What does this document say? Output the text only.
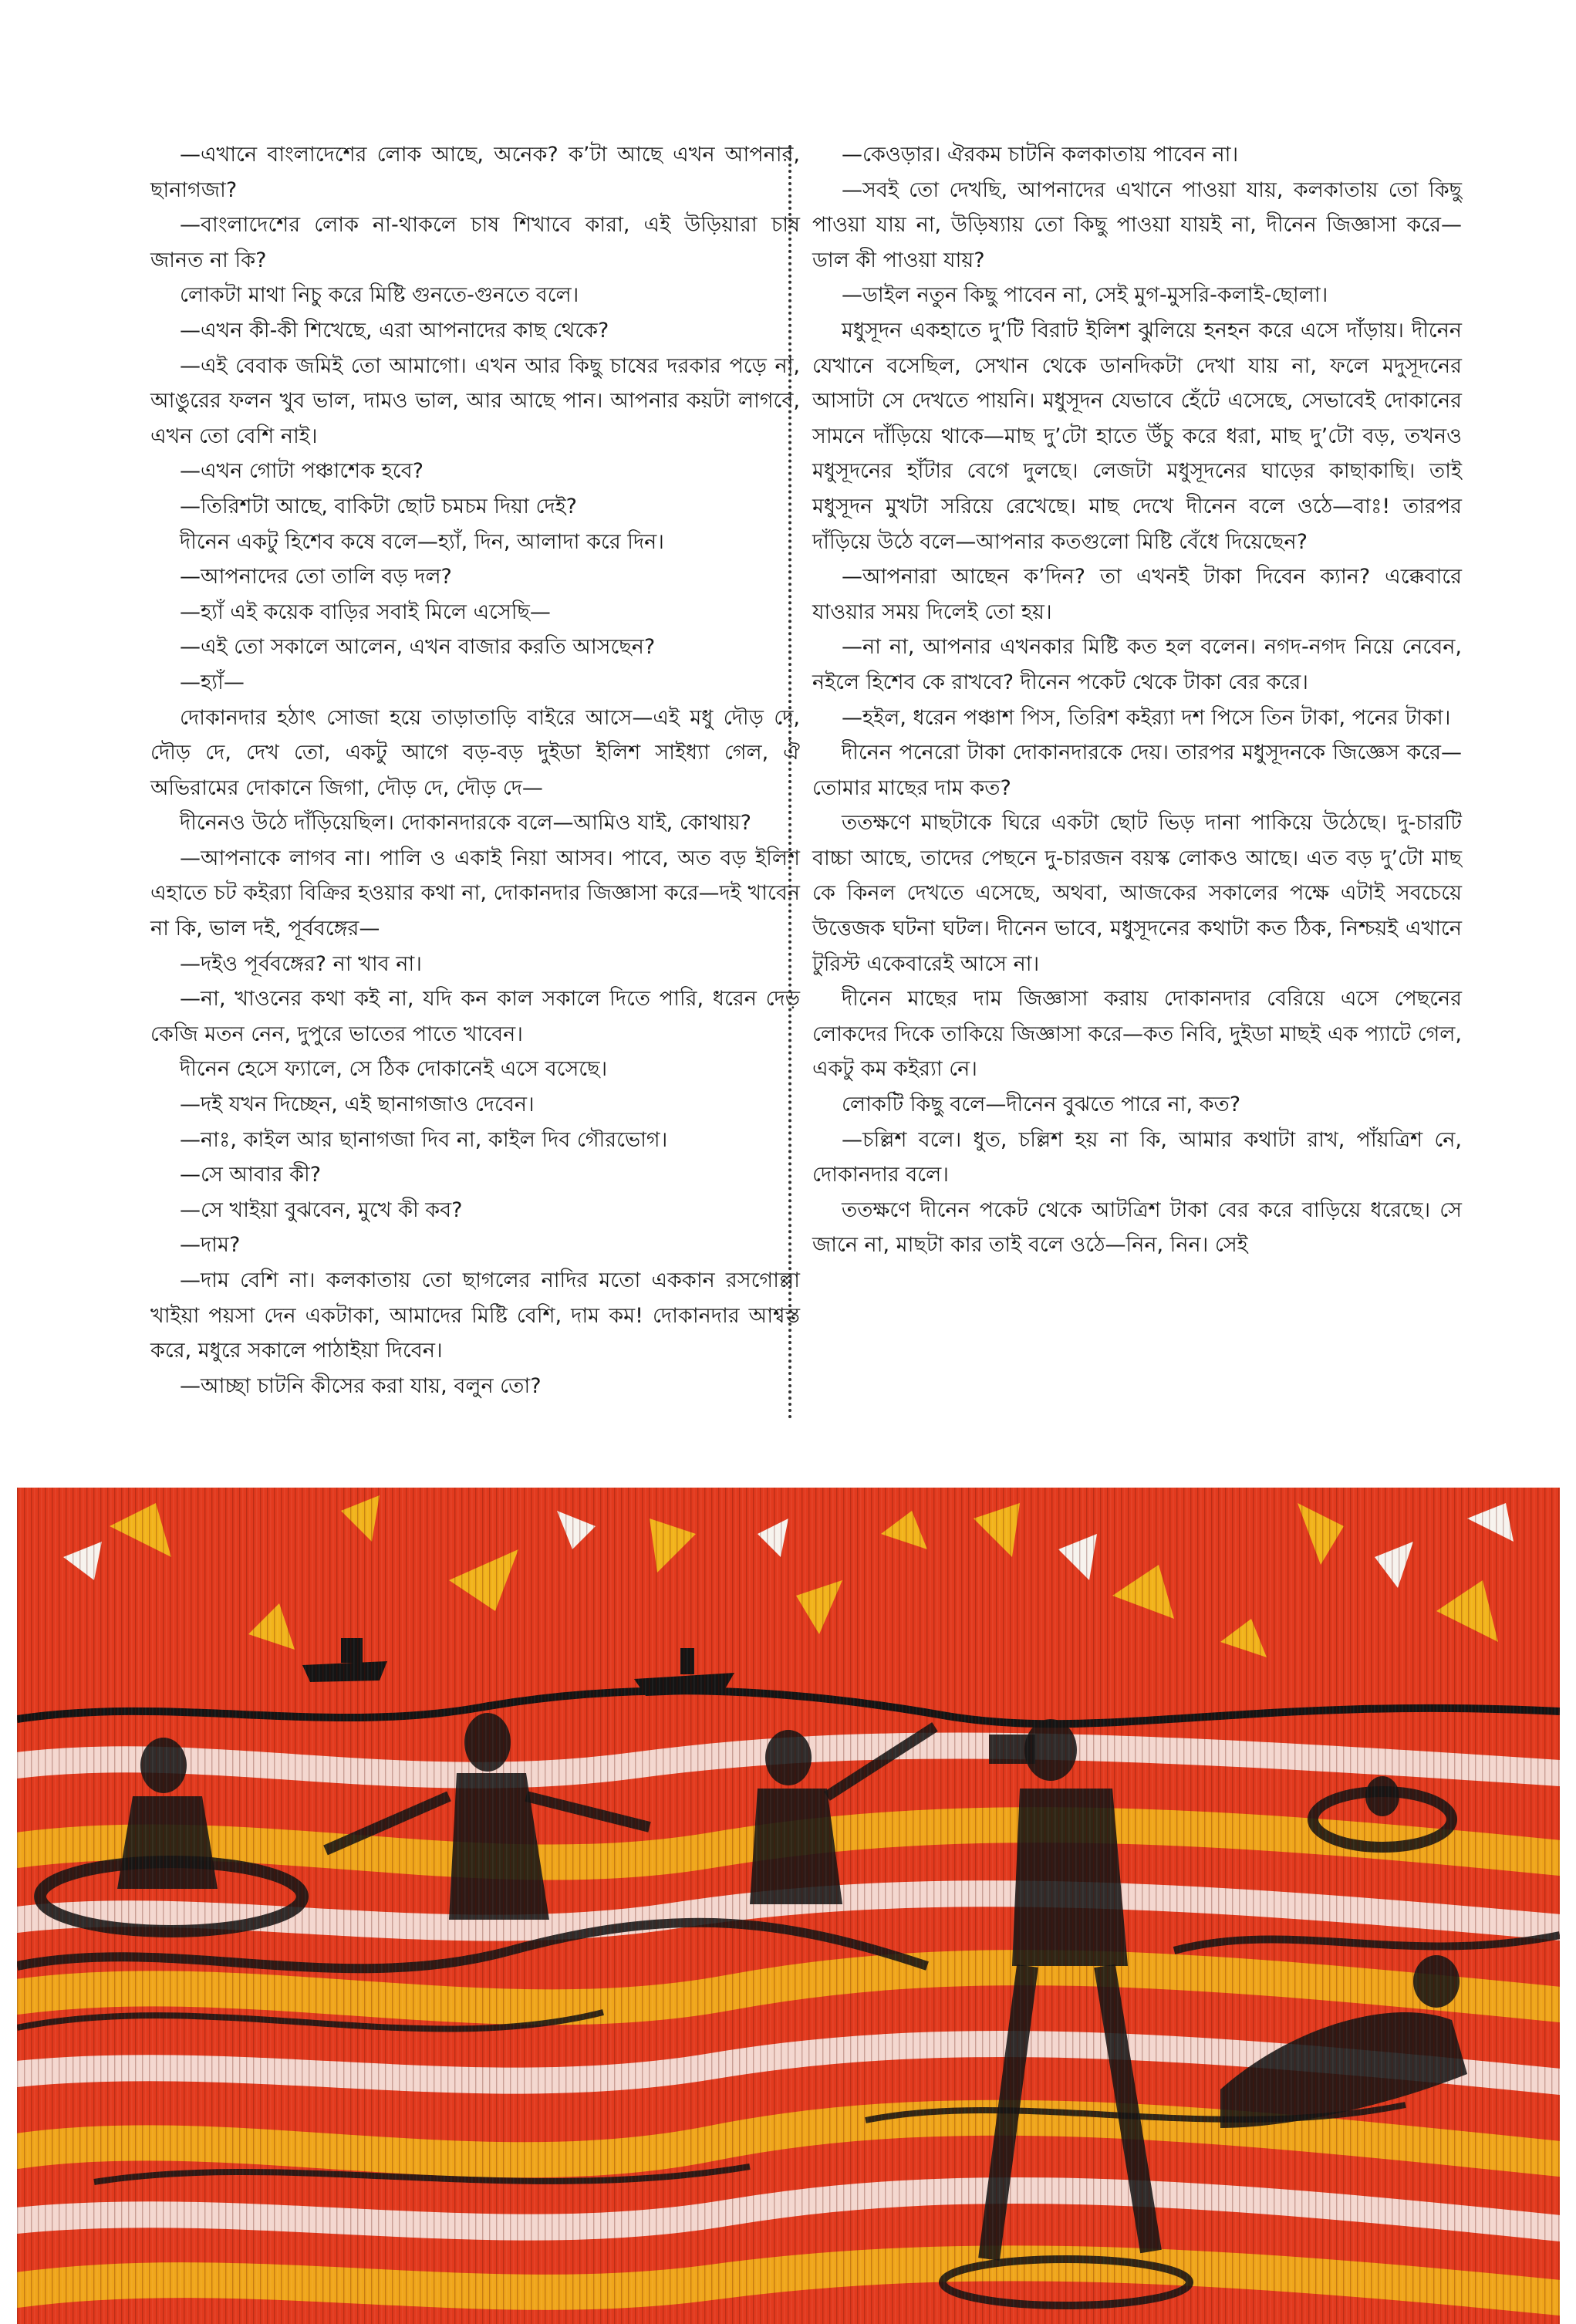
—এখানে বাংলাদেশের লোক আছে, অনেক? ক’টা আছে এখন আপনার, ছানাগজা?

—বাংলাদেশের লোক না-থাকলে চাষ শিখাবে কারা, এই উড়িয়ারা চাষ জানত না কি?

লোকটা মাথা নিচু করে মিষ্টি গুনতে-গুনতে বলে।

—এখন কী-কী শিখেছে, এরা আপনাদের কাছ থেকে?

—এই বেবাক জমিই তো আমাগো। এখন আর কিছু চাষের দরকার পড়ে না, আঙুরের ফলন খুব ভাল, দামও ভাল, আর আছে পান। আপনার কয়টা লাগবে, এখন তো বেশি নাই।

—এখন গোটা পঞ্চাশেক হবে?

—তিরিশটা আছে, বাকিটা ছোট চমচম দিয়া দেই?

দীনেন একটু হিশেব কষে বলে—হ্যাঁ, দিন, আলাদা করে দিন।

—আপনাদের তো তালি বড় দল?

—হ্যাঁ এই কয়েক বাড়ির সবাই মিলে এসেছি—

—এই তো সকালে আলেন, এখন বাজার করতি আসছেন?

—হ্যাঁ—

দোকানদার হঠাৎ সোজা হয়ে তাড়াতাড়ি বাইরে আসে—এই মধু দৌড় দে, দৌড় দে, দেখ তো, একটু আগে বড়-বড় দুইডা ইলিশ সাইধ্যা গেল, ঐ অভিরামের দোকানে জিগা, দৌড় দে, দৌড় দে—

দীনেনও উঠে দাঁড়িয়েছিল। দোকানদারকে বলে—আমিও যাই, কোথায়?

—আপনাকে লাগব না। পালি ও একাই নিয়া আসব। পাবে, অত বড় ইলিশ এহাতে চট কইর‍্যা বিক্রির হওয়ার কথা না, দোকানদার জিজ্ঞাসা করে—দই খাবেন না কি, ভাল দই, পূর্ববঙ্গের—

—দইও পূর্ববঙ্গের? না খাব না।

—না, খাওনের কথা কই না, যদি কন কাল সকালে দিতে পারি, ধরেন দেড় কেজি মতন নেন, দুপুরে ভাতের পাতে খাবেন।

দীনেন হেসে ফ্যালে, সে ঠিক দোকানেই এসে বসেছে।

—দই যখন দিচ্ছেন, এই ছানাগজাও দেবেন।

—নাঃ, কাইল আর ছানাগজা দিব না, কাইল দিব গৌরভোগ।

—সে আবার কী?

—সে খাইয়া বুঝবেন, মুখে কী কব?

—দাম?

—দাম বেশি না। কলকাতায় তো ছাগলের নাদির মতো এককান রসগোল্লা খাইয়া পয়সা দেন একটাকা, আমাদের মিষ্টি বেশি, দাম কম! দোকানদার আশ্বস্ত করে, মধুরে সকালে পাঠাইয়া দিবেন।

—আচ্ছা চাটনি কীসের করা যায়, বলুন তো?

—কেওড়ার। ঐরকম চাটনি কলকাতায় পাবেন না।

—সবই তো দেখছি, আপনাদের এখানে পাওয়া যায়, কলকাতায় তো কিছু পাওয়া যায় না, উড়িষ্যায় তো কিছু পাওয়া যায়ই না, দীনেন জিজ্ঞাসা করে—ডাল কী পাওয়া যায়?

—ডাইল নতুন কিছু পাবেন না, সেই মুগ-মুসরি-কলাই-ছোলা।

মধুসূদন একহাতে দু’টি বিরাট ইলিশ ঝুলিয়ে হনহন করে এসে দাঁড়ায়। দীনেন যেখানে বসেছিল, সেখান থেকে ডানদিকটা দেখা যায় না, ফলে মদুসূদনের আসাটা সে দেখতে পায়নি। মধুসূদন যেভাবে হেঁটে এসেছে, সেভাবেই দোকানের সামনে দাঁড়িয়ে থাকে—মাছ দু’টো হাতে উঁচু করে ধরা, মাছ দু’টো বড়, তখনও মধুসূদনের হাঁটার বেগে দুলছে। লেজটা মধুসূদনের ঘাড়ের কাছাকাছি। তাই মধুসূদন মুখটা সরিয়ে রেখেছে। মাছ দেখে দীনেন বলে ওঠে—বাঃ! তারপর দাঁড়িয়ে উঠে বলে—আপনার কতগুলো মিষ্টি বেঁধে দিয়েছেন?

—আপনারা আছেন ক’দিন? তা এখনই টাকা দিবেন ক্যান? এক্কেবারে যাওয়ার সময় দিলেই তো হয়।

—না না, আপনার এখনকার মিষ্টি কত হল বলেন। নগদ-নগদ নিয়ে নেবেন, নইলে হিশেব কে রাখবে? দীনেন পকেট থেকে টাকা বের করে।

—হইল, ধরেন পঞ্চাশ পিস, তিরিশ কইর‍্যা দশ পিসে তিন টাকা, পনের টাকা।

দীনেন পনেরো টাকা দোকানদারকে দেয়। তারপর মধুসূদনকে জিজ্ঞেস করে—তোমার মাছের দাম কত?

ততক্ষণে মাছটাকে ঘিরে একটা ছোট ভিড় দানা পাকিয়ে উঠেছে। দু-চারটি বাচ্চা আছে, তাদের পেছনে দু-চারজন বয়স্ক লোকও আছে। এত বড় দু’টো মাছ কে কিনল দেখতে এসেছে, অথবা, আজকের সকালের পক্ষে এটাই সবচেয়ে উত্তেজক ঘটনা ঘটল। দীনেন ভাবে, মধুসূদনের কথাটা কত ঠিক, নিশ্চয়ই এখানে টুরিস্ট একেবারেই আসে না।

দীনেন মাছের দাম জিজ্ঞাসা করায় দোকানদার বেরিয়ে এসে পেছনের লোকদের দিকে তাকিয়ে জিজ্ঞাসা করে—কত নিবি, দুইডা মাছই এক প্যাটে গেল, একটু কম কইর‍্যা নে।

লোকটি কিছু বলে—দীনেন বুঝতে পারে না, কত?

—চল্লিশ বলে। ধুত, চল্লিশ হয় না কি, আমার কথাটা রাখ, পাঁয়ত্রিশ নে, দোকানদার বলে।

ততক্ষণে দীনেন পকেট থেকে আটত্রিশ টাকা বের করে বাড়িয়ে ধরেছে। সে জানে না, মাছটা কার তাই বলে ওঠে—নিন, নিন। সেই
